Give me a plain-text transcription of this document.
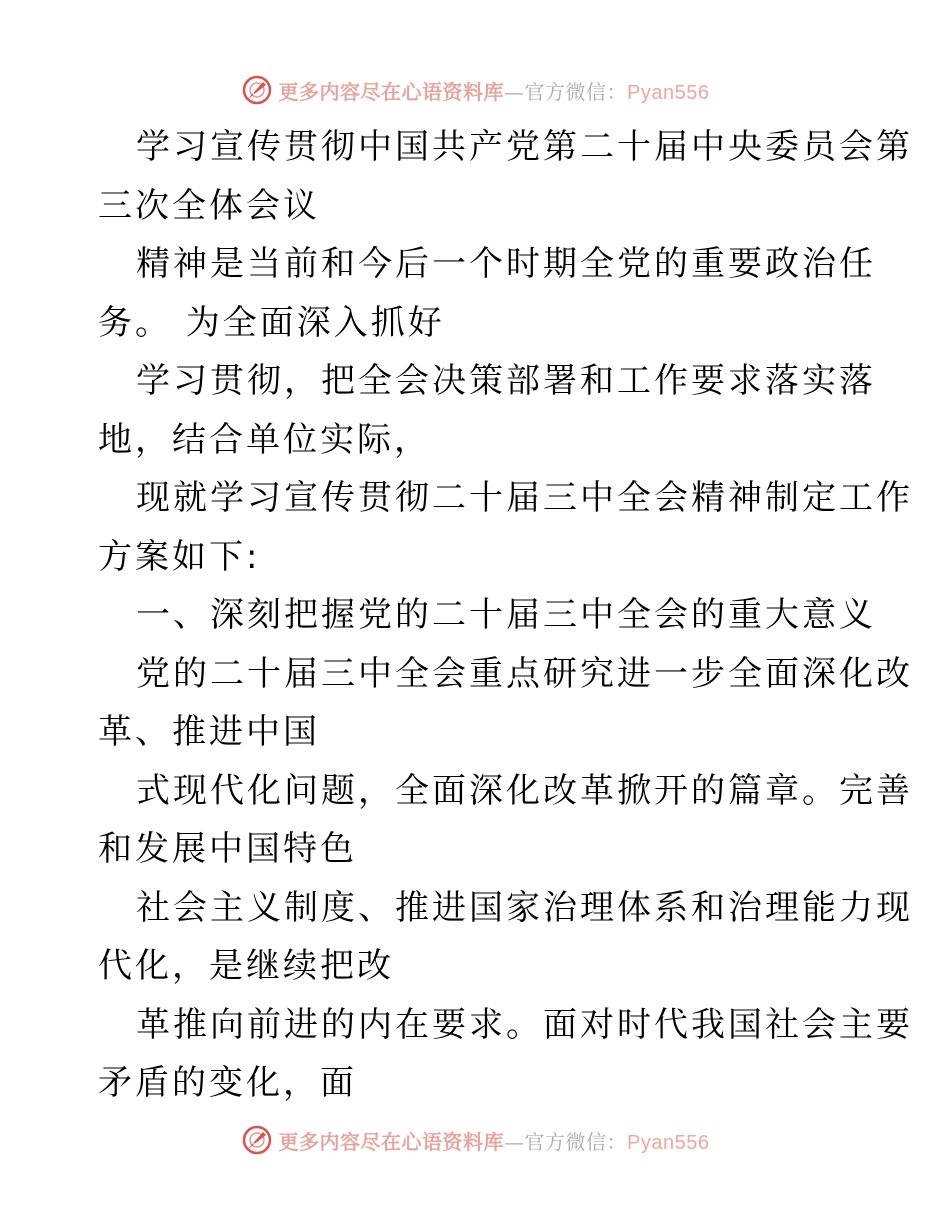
更多内容尽在心语资料库—官方微信：Pyan556
学习宣传贯彻中国共产党第二十届中央委员会第
三次全体会议
精神是当前和今后一个时期全党的重要政治任
务。 为全面深入抓好
学习贯彻，把全会决策部署和工作要求落实落
地，结合单位实际，
现就学习宣传贯彻二十届三中全会精神制定工作
方案如下:
一、深刻把握党的二十届三中全会的重大意义
党的二十届三中全会重点研究进一步全面深化改
革、推进中国
式现代化问题，全面深化改革掀开的篇章。完善
和发展中国特色
社会主义制度、推进国家治理体系和治理能力现
代化，是继续把改
革推向前进的内在要求。面对时代我国社会主要
矛盾的变化，面
更多内容尽在心语资料库—官方微信：Pyan556
